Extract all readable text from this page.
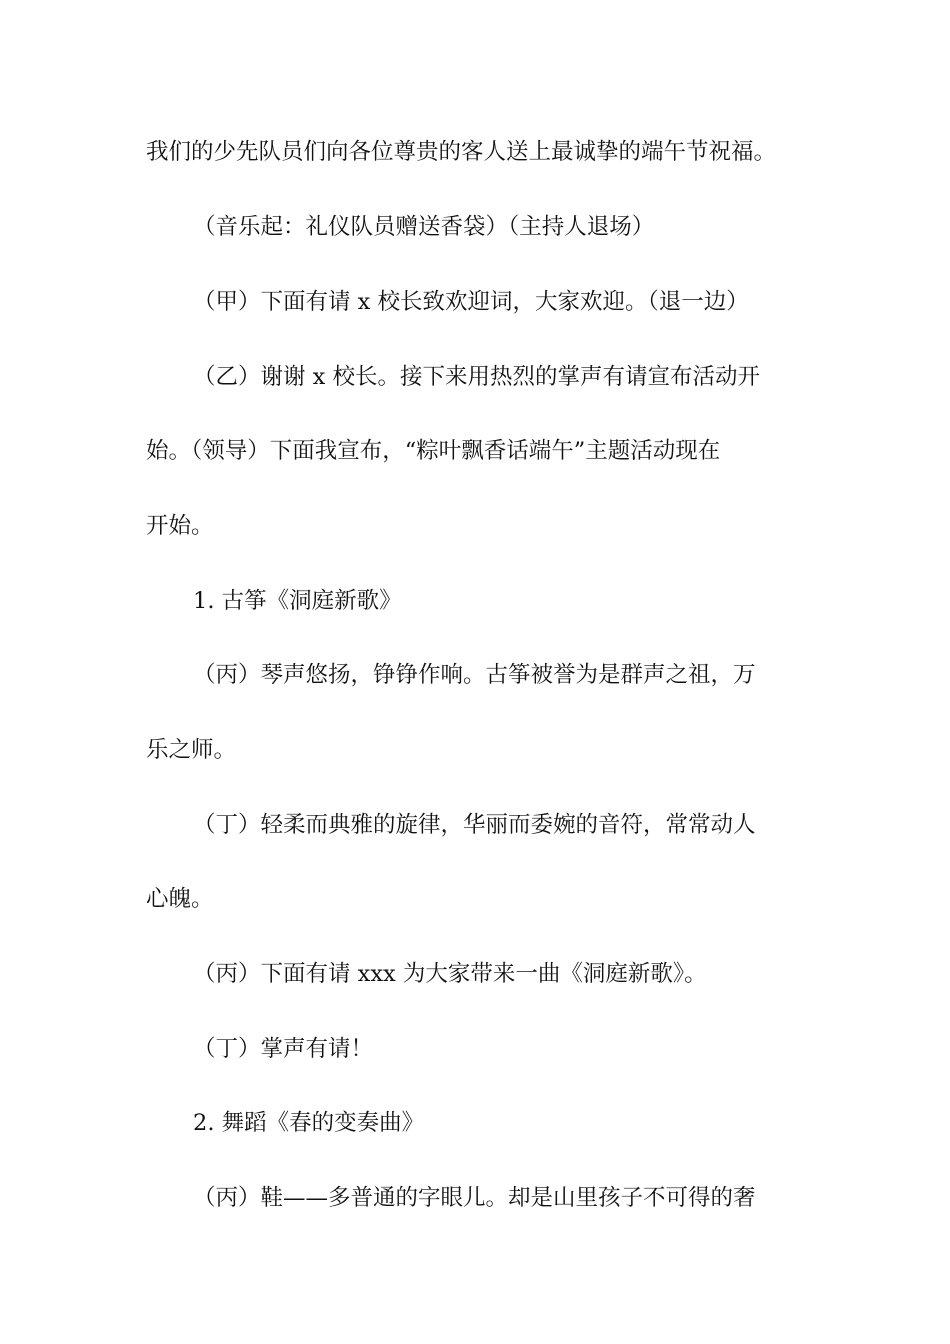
我们的少先队员们向各位尊贵的客人送上最诚挚的端午节祝福。
（音乐起：礼仪队员赠送香袋）（主持人退场）
（甲）下面有请 x 校长致欢迎词，大家欢迎。（退一边）
（乙）谢谢 x 校长。接下来用热烈的掌声有请宣布活动开
始。（领导）下面我宣布，“粽叶飘香话端午”主题活动现在
开始。
1. 古筝《洞庭新歌》
（丙）琴声悠扬，铮铮作响。古筝被誉为是群声之祖，万
乐之师。
（丁）轻柔而典雅的旋律，华丽而委婉的音符，常常动人
心魄。
（丙）下面有请 xxx 为大家带来一曲《洞庭新歌》。
（丁）掌声有请！
2. 舞蹈《春的变奏曲》
（丙）鞋——多普通的字眼儿。却是山里孩子不可得的奢
